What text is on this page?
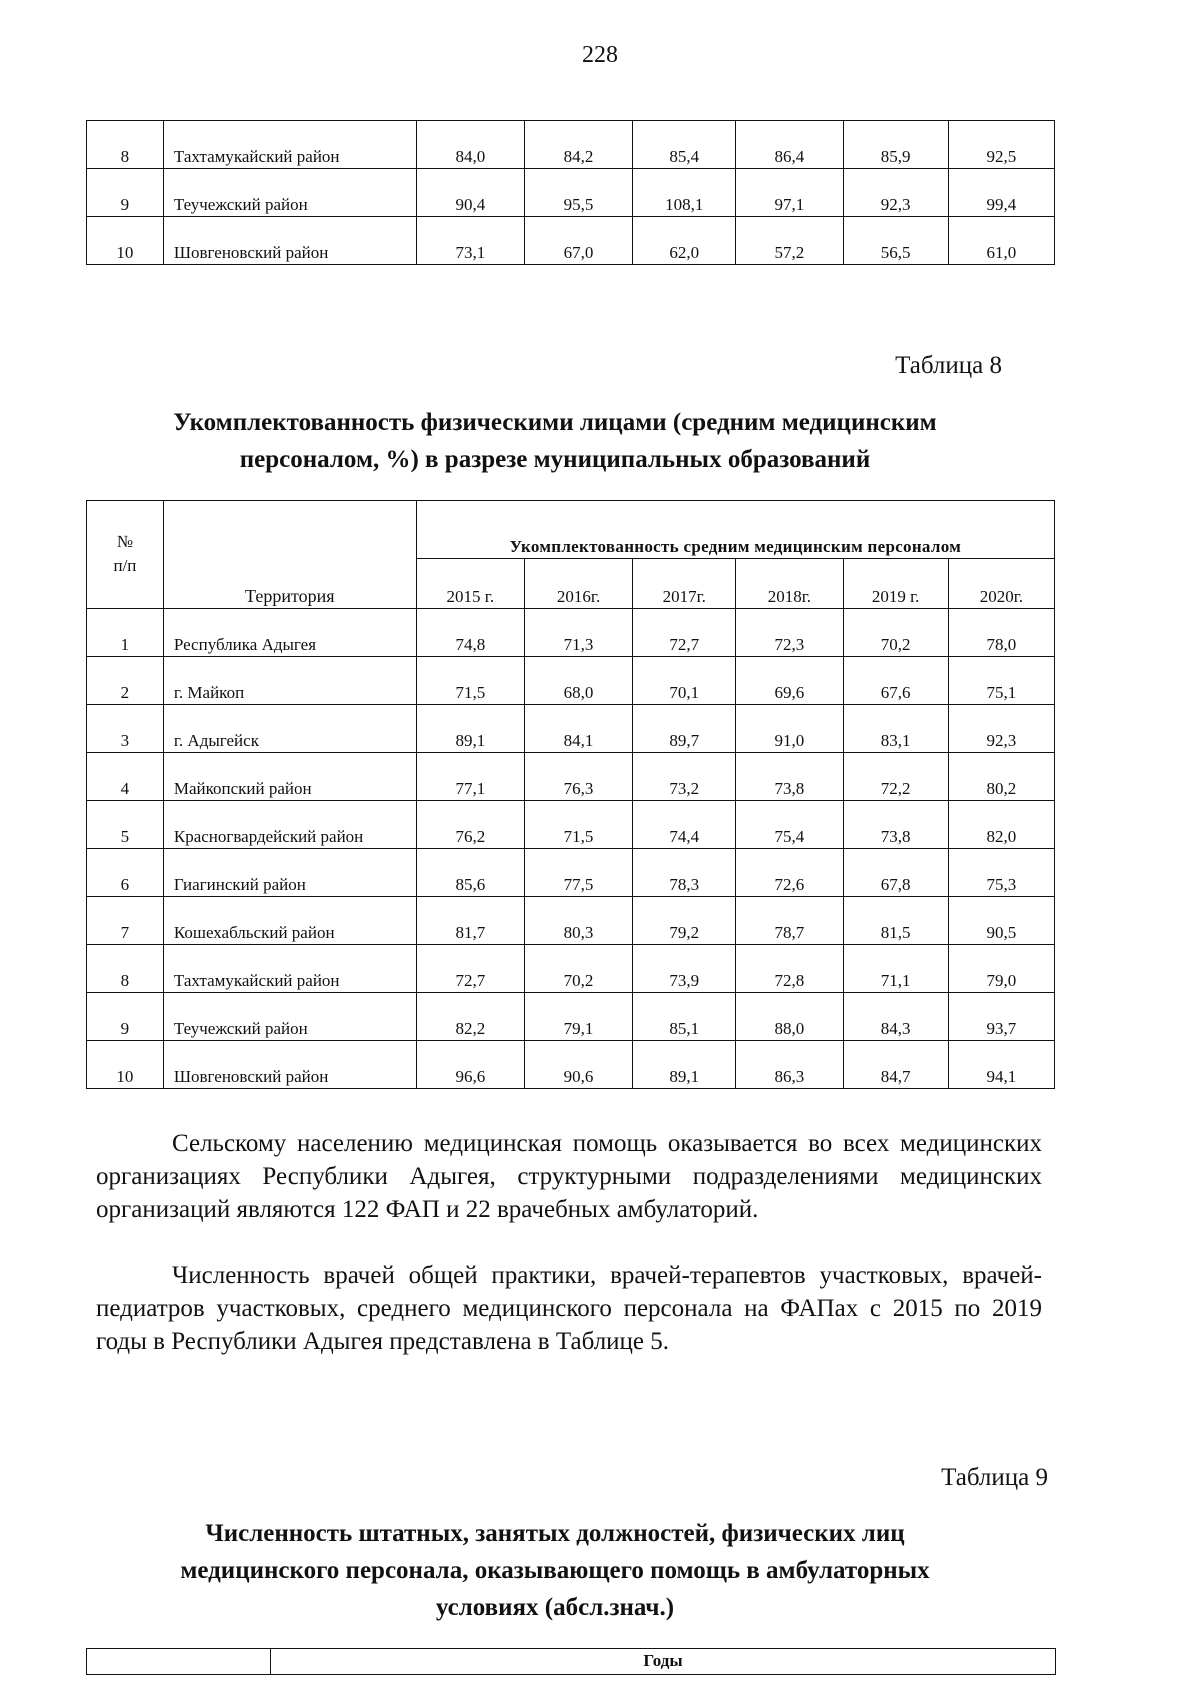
228
8	Тахтамукайский район	84,0	84,2	85,4	86,4	85,9	92,5
9	Теучежский район	90,4	95,5	108,1	97,1	92,3	99,4
10	Шовгеновский район	73,1	67,0	62,0	57,2	56,5	61,0
Таблица 8
Укомплектованность физическими лицами (средним медицинским
персоналом, %) в разрезе муниципальных образований
№
п/п	Территория	Укомплектованность средним медицинским персоналом					
		2015 г.	2016г.	2017г.	2018г.	2019 г.	2020г.
1	Республика Адыгея	74,8	71,3	72,7	72,3	70,2	78,0
2	г. Майкоп	71,5	68,0	70,1	69,6	67,6	75,1
3	г. Адыгейск	89,1	84,1	89,7	91,0	83,1	92,3
4	Майкопский район	77,1	76,3	73,2	73,8	72,2	80,2
5	Красногвардейский район	76,2	71,5	74,4	75,4	73,8	82,0
6	Гиагинский район	85,6	77,5	78,3	72,6	67,8	75,3
7	Кошехабльский район	81,7	80,3	79,2	78,7	81,5	90,5
8	Тахтамукайский район	72,7	70,2	73,9	72,8	71,1	79,0
9	Теучежский район	82,2	79,1	85,1	88,0	84,3	93,7
10	Шовгеновский район	96,6	90,6	89,1	86,3	84,7	94,1
Сельскому населению медицинская помощь оказывается во всех медицинских организациях Республики Адыгея, структурными подразделениями медицинских организаций являются 122 ФАП и 22 врачебных амбулаторий.
Численность врачей общей практики, врачей-терапевтов участковых, врачей-педиатров участковых, среднего медицинского персонала на ФАПах с 2015 по 2019 годы в Республики Адыгея представлена в Таблице 5.
Таблица 9
Численность штатных, занятых должностей, физических лиц
медицинского персонала, оказывающего помощь в амбулаторных
условиях (абсл.знач.)
	Годы
